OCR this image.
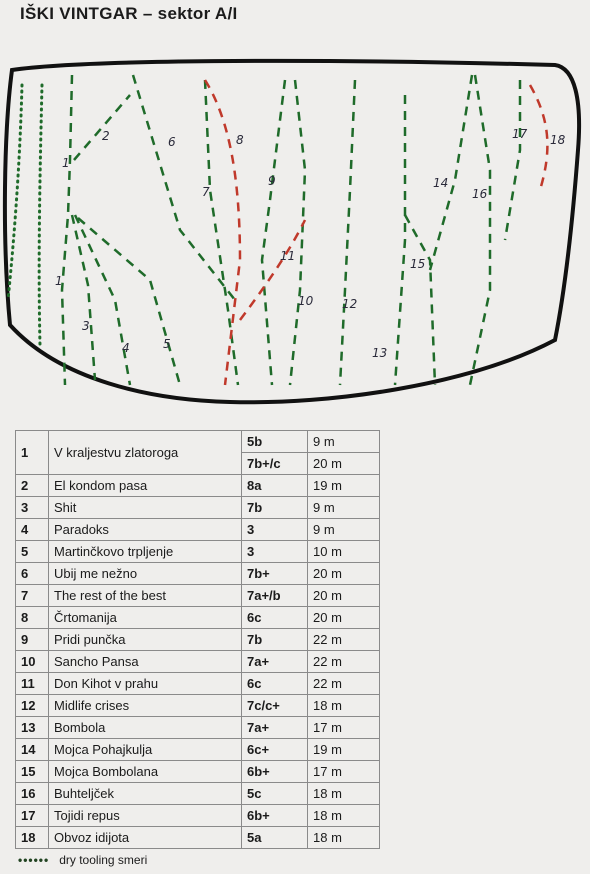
IŠKI VINTGAR – sektor A/I
1
1
2
3
4	5
6
7
8
9
10
11
12
13
14
15
16
17 18
1	V kraljestvu zlatoroga	5b	9 m
		7b+/c	20 m
2	El kondom pasa	8a	19 m
3	Shit	7b	9 m
4	Paradoks	3	9 m
5	Martinčkovo trpljenje	3	10 m
6	Ubij me nežno	7b+	20 m
7	The rest of the best	7a+/b	20 m
8	Črtomanija	6c	20 m
9	Pridi punčka	7b	22 m
10	Sancho Pansa	7a+	22 m
11	Don Kihot v prahu	6c	22 m
12	Midlife crises	7c/c+	18 m
13	Bombola	7a+	17 m
14	Mojca Pohajkulja	6c+	19 m
15	Mojca Bombolana	6b+	17 m
16	Buhteljček	5c	18 m
17	Tojidi repus	6b+	18 m
18	Obvoz idijota	5a	18 m
•••••• dry tooling smeri
